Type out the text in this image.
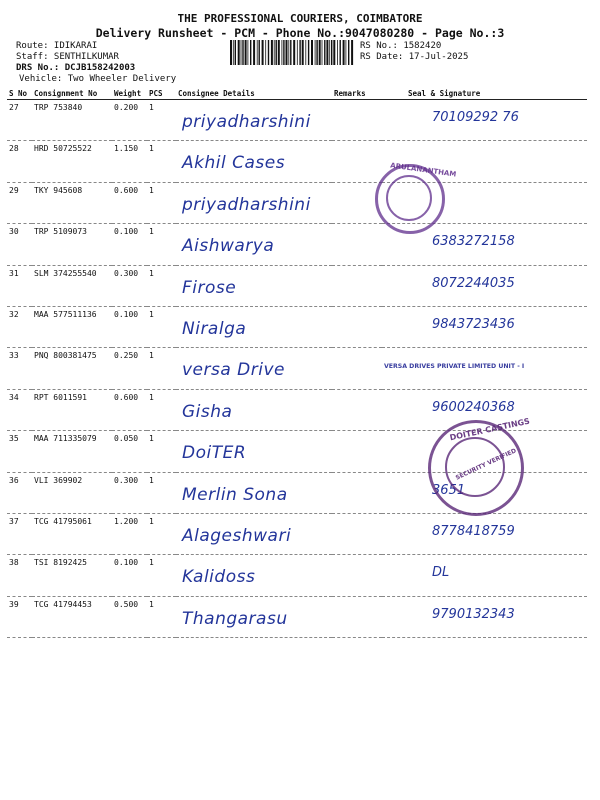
THE PROFESSIONAL COURIERS, COIMBATORE
Delivery Runsheet - PCM - Phone No.:9047080280 - Page No.:3
Route: IDIKARAI
Staff: SENTHILKUMAR
DRS No.: DCJB158242003
Vehicle: Two Wheeler Delivery
RS No.: 1582420
RS Date: 17-Jul-2025
S No	Consignment No	Weight	PCS	Consignee Details	Remarks	Seal & Signature
27	TRP 753840	0.200	1	priyadharshini		70109292 76

28	HRD 50725522	1.150	1	Akhil Cases		

29	TKY 945608	0.600	1	priyadharshini		

30	TRP 5109073	0.100	1	Aishwarya		6383272158

31	SLM 374255540	0.300	1	Firose		8072244035

32	MAA 577511136	0.100	1	Niralga		9843723436

33	PNQ 800381475	0.250	1	versa Drive		

34	RPT 6011591	0.600	1	Gisha		9600240368

35	MAA 711335079	0.050	1	DoiTER		

36	VLI 369902	0.300	1	Merlin Sona		3651

37	TCG 41795061	1.200	1	Alageshwari		8778418759

38	TSI 8192425	0.100	1	Kalidoss		DL

39	TCG 41794453	0.500	1	Thangarasu		9790132343
ARULANANTHAM
VERSA DRIVES PRIVATE LIMITED UNIT - I
DOITER CASTINGS
SECURITY VERIFIED
